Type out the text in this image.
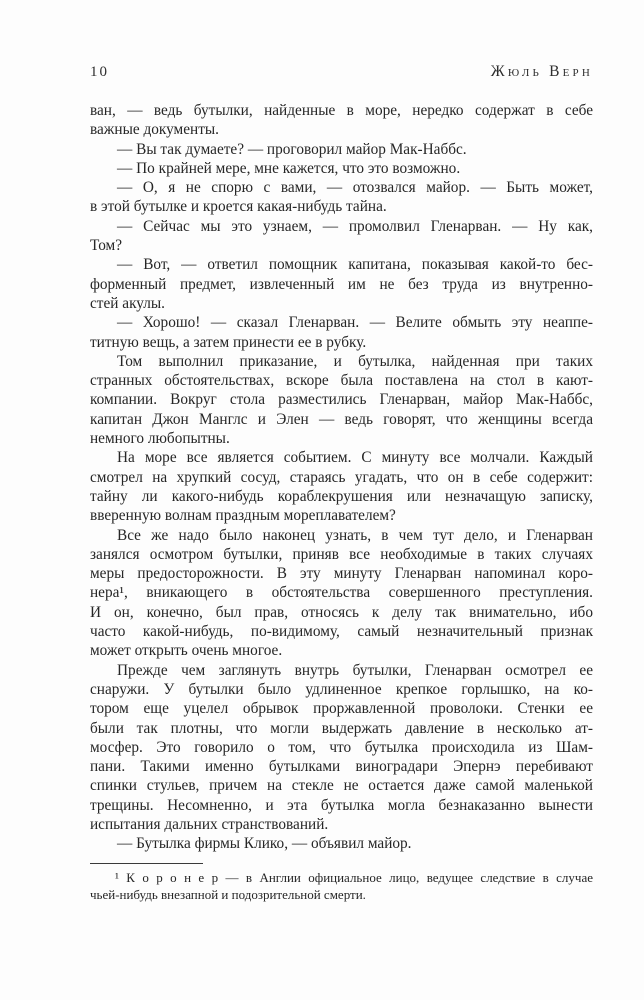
10	Жюль Верн
ван, — ведь бутылки, найденные в море, нередко содержат в себе
важные документы.
— Вы так думаете? — проговорил майор Мак-Наббс.
— По крайней мере, мне кажется, что это возможно.
— О, я не спорю с вами, — отозвался майор. — Быть может,
в этой бутылке и кроется какая-нибудь тайна.
— Сейчас мы это узнаем, — промолвил Гленарван. — Ну как,
Том?
— Вот, — ответил помощник капитана, показывая какой-то бес-
форменный предмет, извлеченный им не без труда из внутренно-
стей акулы.
— Хорошо! — сказал Гленарван. — Велите обмыть эту неаппе-
титную вещь, а затем принести ее в рубку.
Том выполнил приказание, и бутылка, найденная при таких
странных обстоятельствах, вскоре была поставлена на стол в кают-
компании. Вокруг стола разместились Гленарван, майор Мак-Наббс,
капитан Джон Манглс и Элен — ведь говорят, что женщины всегда
немного любопытны.
На море все является событием. С минуту все молчали. Каждый
смотрел на хрупкий сосуд, стараясь угадать, что он в себе содержит:
тайну ли какого-нибудь кораблекрушения или незначащую записку,
вверенную волнам праздным мореплавателем?
Все же надо было наконец узнать, в чем тут дело, и Гленарван
занялся осмотром бутылки, приняв все необходимые в таких случаях
меры предосторожности. В эту минуту Гленарван напоминал коро-
нера¹, вникающего в обстоятельства совершенного преступления.
И он, конечно, был прав, относясь к делу так внимательно, ибо
часто какой-нибудь, по-видимому, самый незначительный признак
может открыть очень многое.
Прежде чем заглянуть внутрь бутылки, Гленарван осмотрел ее
снаружи. У бутылки было удлиненное крепкое горлышко, на ко-
тором еще уцелел обрывок проржавленной проволоки. Стенки ее
были так плотны, что могли выдержать давление в несколько ат-
мосфер. Это говорило о том, что бутылка происходила из Шам-
пани. Такими именно бутылками виноградари Эпернэ перебивают
спинки стульев, причем на стекле не остается даже самой маленькой
трещины. Несомненно, и эта бутылка могла безнаказанно вынести
испытания дальних странствований.
— Бутылка фирмы Клико, — объявил майор.
¹ К о р о н е р — в Англии официальное лицо, ведущее следствие в случае
чьей-нибудь внезапной и подозрительной смерти.
